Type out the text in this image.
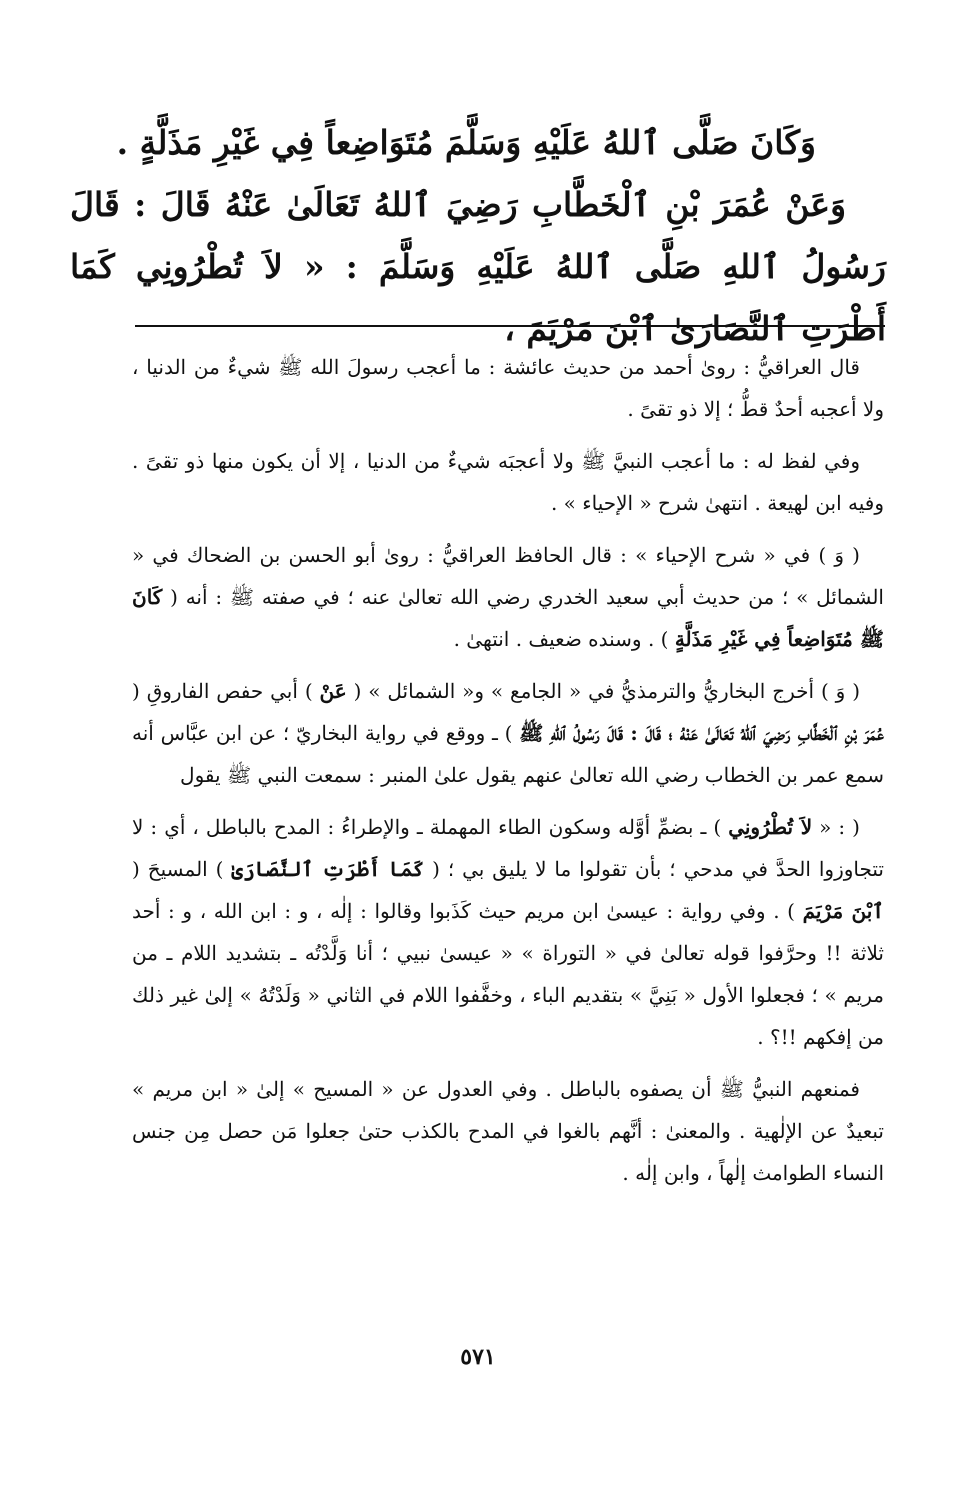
وَكَانَ صَلَّى ٱللهُ عَلَيْهِ وَسَلَّمَ مُتَوَاضِعاً فِي غَيْرِ مَذَلَّةٍ .

وَعَنْ عُمَرَ بْنِ ٱلْخَطَّابِ رَضِيَ ٱللهُ تَعَالَىٰ عَنْهُ قَالَ : قَالَ رَسُولُ ٱللهِ صَلَّى ٱللهُ عَلَيْهِ وَسَلَّمَ : « لاَ تُطْرُونِي كَمَا أَطْرَتِ ٱلنَّصَارَىٰ ٱبْنَ مَرْيَمَ ،

قال العراقيُّ : رویٰ أحمد من حديث عائشة : ما أعجب رسولَ الله ﷺ شيءٌ من الدنيا ، ولا أعجبه أحدٌ قطُّ ؛ إلا ذو تقىً .

وفي لفظ له : ما أعجب النبيَّ ﷺ ولا أعجبَه شيءٌ من الدنيا ، إلا أن يكون منها ذو تقىً . وفيه ابن لهيعة . انتهىٰ شرح « الإحياء » .

( وَ ) في « شرح الإحياء » : قال الحافظ العراقيُّ : رویٰ أبو الحسن بن الضحاك في « الشمائل » ؛ من حديث أبي سعيد الخدري رضي الله تعالىٰ عنه ؛ في صفته ﷺ : أنه ( كَانَ ﷺ مُتَوَاضِعاً فِي غَيْرِ مَذَلَّةٍ ) . وسنده ضعيف . انتهىٰ .

( وَ ) أخرج البخاريُّ والترمذيُّ في « الجامع » و« الشمائل » ( عَنْ ) أبي حفص الفاروقِ ( عُمَرَ بْنِ ٱلْخَطَّابِ رَضِيَ ٱللهُ تَعَالَىٰ عَنْهُ ؛ قَالَ : قَالَ رَسُولُ ٱللهِ ﷺ ) ـ ووقع في رواية البخاريّ ؛ عن ابن عبَّاس أنه سمع عمر بن الخطاب رضي الله تعالىٰ عنهم يقول علىٰ المنبر : سمعت النبي ﷺ يقول

( : « لاَ تُطْرُونِي ) ـ بضمِّ أوَّله وسكون الطاء المهملة ـ والإطراءُ : المدح بالباطل ، أي : لا تتجاوزوا الحدَّ في مدحي ؛ بأن تقولوا ما لا يليق بي ؛ ( كَمَا أَطْرَتِ ٱلنَّصَارَىٰ ) المسيحَ ( ٱبْنَ مَرْيَمَ ) . وفي رواية : عيسىٰ ابن مريم حيث كَذَبوا وقالوا : إلٰه ، و : ابن الله ، و : أحد ثلاثة !! وحرَّفوا قوله تعالىٰ في « التوراة » « عيسىٰ نبيي ؛ أنا وَلَّدْتُه ـ بتشديد اللام ـ من مريم » ؛ فجعلوا الأول « بَنِيَّ » بتقديم الباء ، وخفَّفوا اللام في الثاني « وَلَدْتُهُ » إلىٰ غير ذلك من إفكهم !!؟ .

فمنعهم النبيُّ ﷺ أن يصفوه بالباطل . وفي العدول عن « المسيح » إلىٰ « ابن مريم » تبعيدٌ عن الإلٰهية . والمعنىٰ : أنَّهم بالغوا في المدح بالكذب حتىٰ جعلوا مَن حصل مِن جنس النساء الطوامث إلٰهاً ، وابن إلٰه .

٥٧١
